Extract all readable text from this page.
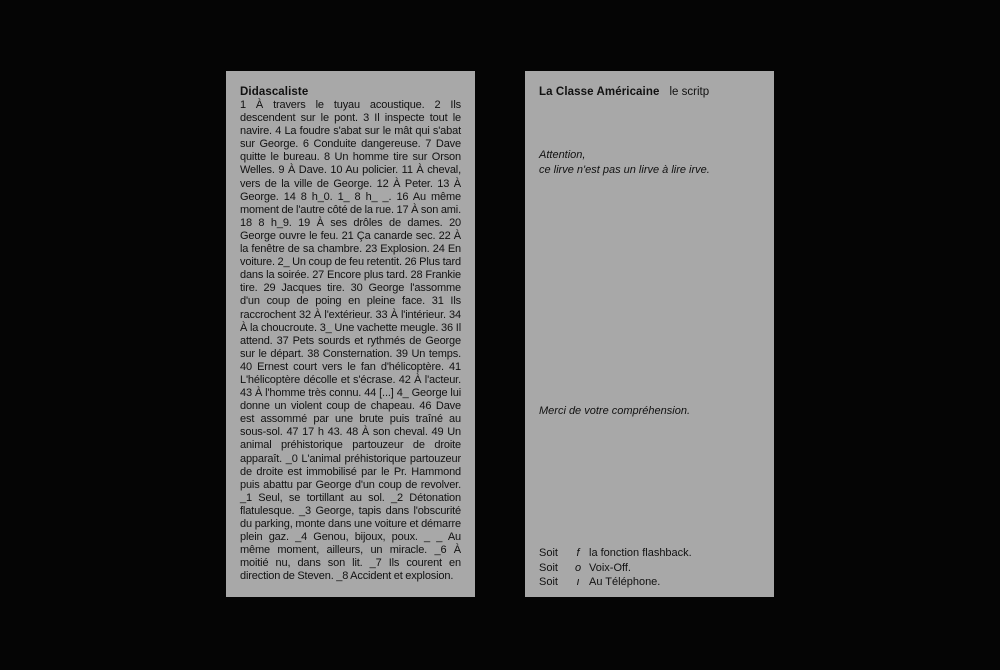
Didascaliste
1 À travers le tuyau acoustique. 2 Ils descendent sur le pont. 3 Il inspecte tout le navire. 4 La foudre s'abat sur le mât qui s'abat sur George. 6 Conduite dangereuse. 7 Dave quitte le bureau. 8 Un homme tire sur Orson Welles. 9 À Dave. 10 Au policier. 11 À cheval, vers de la ville de George. 12 À Peter. 13 À George. 14 8 h_0. 1_ 8 h_ _. 16 Au même moment de l'autre côté de la rue. 17 À son ami. 18 8 h_9. 19 À ses drôles de dames. 20 George ouvre le feu. 21 Ça canarde sec. 22 À la fenêtre de sa chambre. 23 Explosion. 24 En voiture. 2_ Un coup de feu retentit. 26 Plus tard dans la soirée. 27 Encore plus tard. 28 Frankie tire. 29 Jacques tire. 30 George l'assomme d'un coup de poing en pleine face. 31 Ils raccrochent 32 À l'extérieur. 33 À l'intérieur. 34 À la choucroute. 3_ Une vachette meugle. 36 Il attend. 37 Pets sourds et rythmés de George sur le départ. 38 Consternation. 39 Un temps. 40 Ernest court vers le fan d'hélicoptère. 41 L'hélicoptère décolle et s'écrase. 42 À l'acteur. 43 À l'homme très connu. 44 [...] 4_ George lui donne un violent coup de chapeau. 46 Dave est assommé par une brute puis traîné au sous-sol. 47 17 h 43. 48 À son cheval. 49 Un animal préhistorique partouzeur de droite apparaît. _0 L'animal préhistorique partouzeur de droite est immobilisé par le Pr. Hammond puis abattu par George d'un coup de revolver. _1 Seul, se tortillant au sol. _2 Détonation flatulesque. _3 George, tapis dans l'obscurité du parking, monte dans une voiture et démarre plein gaz. _4 Genou, bijoux, poux. _ _ Au même moment, ailleurs, un miracle. _6 À moitié nu, dans son lit. _7 Ils courent en direction de Steven. _8 Accident et explosion.
La Classe Américaine le scritp
Attention,
ce lirve n'est pas un lirve à lire irve.
Merci de votre compréhension.
Soit	f la fonction flashback.
Soit	o Voix-Off.
Soit	ı Au Téléphone.
